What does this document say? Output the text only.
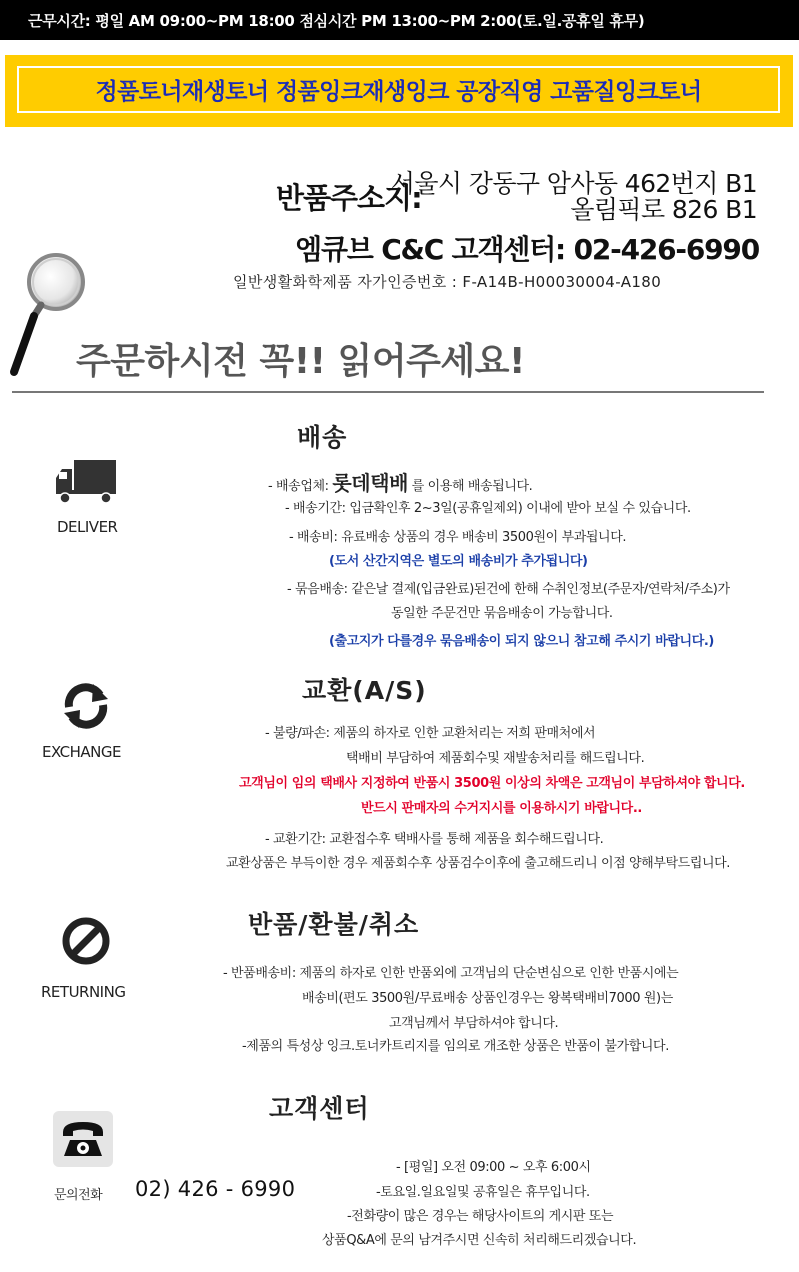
근무시간: 평일 AM 09:00~PM 18:00 점심시간 PM 13:00~PM 2:00(토.일.공휴일 휴무)
정품토너재생토너 정품잉크재생잉크 공장직영 고품질잉크토너
반품주소지:
서울시 강동구 암사동 462번지 B1
올림픽로 826 B1
엠큐브 C&C 고객센터: 02-426-6990
일반생활화학제품 자가인증번호 : F-A14B-H00030004-A180
주문하시전 꼭!! 읽어주세요!
배송
DELIVER
- 배송업체: 롯데택배 를 이용해 배송됩니다.
- 배송기간: 입금확인후 2~3일(공휴일제외) 이내에 받아 보실 수 있습니다.
- 배송비: 유료배송 상품의 경우 배송비 3500원이 부과됩니다.
(도서 산간지역은 별도의 배송비가 추가됩니다)
- 묶음배송: 같은날 결제(입금완료)된건에 한해 수취인정보(주문자/연락처/주소)가
동일한 주문건만 묶음배송이 가능합니다.
(출고지가 다를경우 묶음배송이 되지 않으니 참고해 주시기 바랍니다.)
교환(A/S)
EXCHANGE
- 불량/파손: 제품의 하자로 인한 교환처리는 저희 판매처에서
택배비 부담하여 제품회수및 재발송처리를 해드립니다.
고객님이 임의 택배사 지정하여 반품시 3500원 이상의 차액은 고객님이 부담하셔야 합니다.
반드시 판매자의 수거지시를 이용하시기 바랍니다..
- 교환기간: 교환접수후 택배사를 통해 제품을 회수해드립니다.
교환상품은 부득이한 경우 제품회수후 상품검수이후에 출고해드리니 이점 양해부탁드립니다.
반품/환불/취소
RETURNING
- 반품배송비: 제품의 하자로 인한 반품외에 고객님의 단순변심으로 인한 반품시에는
배송비(편도 3500원/무료배송 상품인경우는 왕복택배비7000 원)는
고객님께서 부담하셔야 합니다.
-제품의 특성상 잉크.토너카트리지를 임의로 개조한 상품은 반품이 불가합니다.
고객센터
문의전화 02) 426 - 6990
- [평일] 오전 09:00 ~ 오후 6:00시
-토요일.일요일및 공휴일은 휴무입니다.
-전화량이 많은 경우는 해당사이트의 게시판 또는
상품Q&A에 문의 남겨주시면 신속히 처리해드리겠습니다.
